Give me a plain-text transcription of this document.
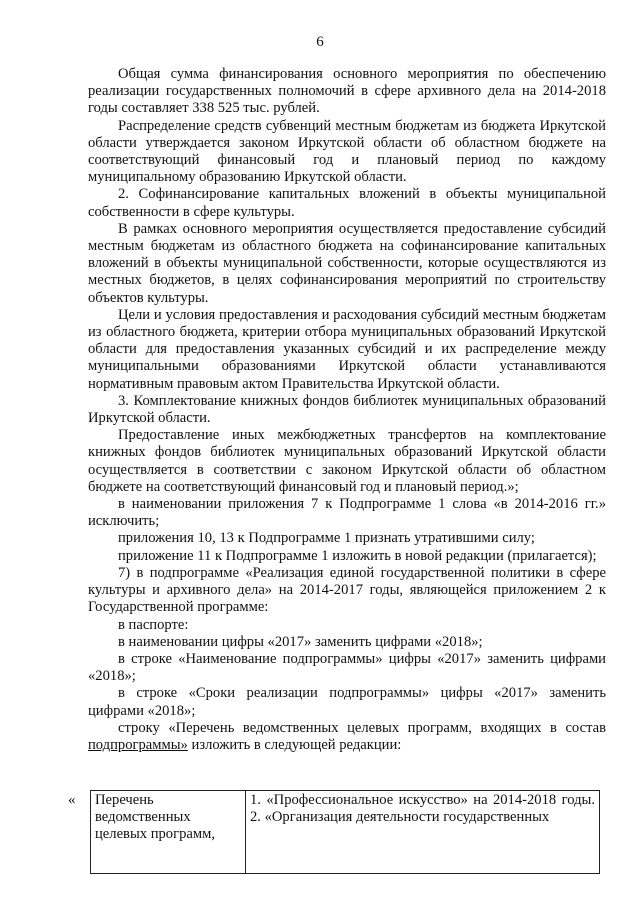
6

Общая сумма финансирования основного мероприятия по обеспечению реализации государственных полномочий в сфере архивного дела на 2014-2018 годы составляет 338 525 тыс. рублей.

Распределение средств субвенций местным бюджетам из бюджета Иркутской области утверждается законом Иркутской области об областном бюджете на соответствующий финансовый год и плановый период по каждому муниципальному образованию Иркутской области.

2. Софинансирование капитальных вложений в объекты муниципальной собственности в сфере культуры.

В рамках основного мероприятия осуществляется предоставление субсидий местным бюджетам из областного бюджета на софинансирование капитальных вложений в объекты муниципальной собственности, которые осуществляются из местных бюджетов, в целях софинансирования мероприятий по строительству объектов культуры.

Цели и условия предоставления и расходования субсидий местным бюджетам из областного бюджета, критерии отбора муниципальных образований Иркутской области для предоставления указанных субсидий и их распределение между муниципальными образованиями Иркутской области устанавливаются нормативным правовым актом Правительства Иркутской области.

3. Комплектование книжных фондов библиотек муниципальных образований Иркутской области.

Предоставление иных межбюджетных трансфертов на комплектование книжных фондов библиотек муниципальных образований Иркутской области осуществляется в соответствии с законом Иркутской области об областном бюджете на соответствующий финансовый год и плановый период.»;

в наименовании приложения 7 к Подпрограмме 1 слова «в 2014-2016 гг.» исключить;

приложения 10, 13 к Подпрограмме 1 признать утратившими силу;

приложение 11 к Подпрограмме 1 изложить в новой редакции (прилагается);

7) в подпрограмме «Реализация единой государственной политики в сфере культуры и архивного дела» на 2014-2017 годы, являющейся приложением 2 к Государственной программе:

в паспорте:

в наименовании цифры «2017» заменить цифрами «2018»;

в строке «Наименование подпрограммы» цифры «2017» заменить цифрами «2018»;

в строке «Сроки реализации подпрограммы» цифры «2017» заменить цифрами «2018»;

строку «Перечень ведомственных целевых программ, входящих в состав подпрограммы» изложить в следующей редакции:

« Перечень ведомственных целевых программ,	1. «Профессиональное искусство» на 2014-2018 годы. 2. «Организация деятельности государственных
